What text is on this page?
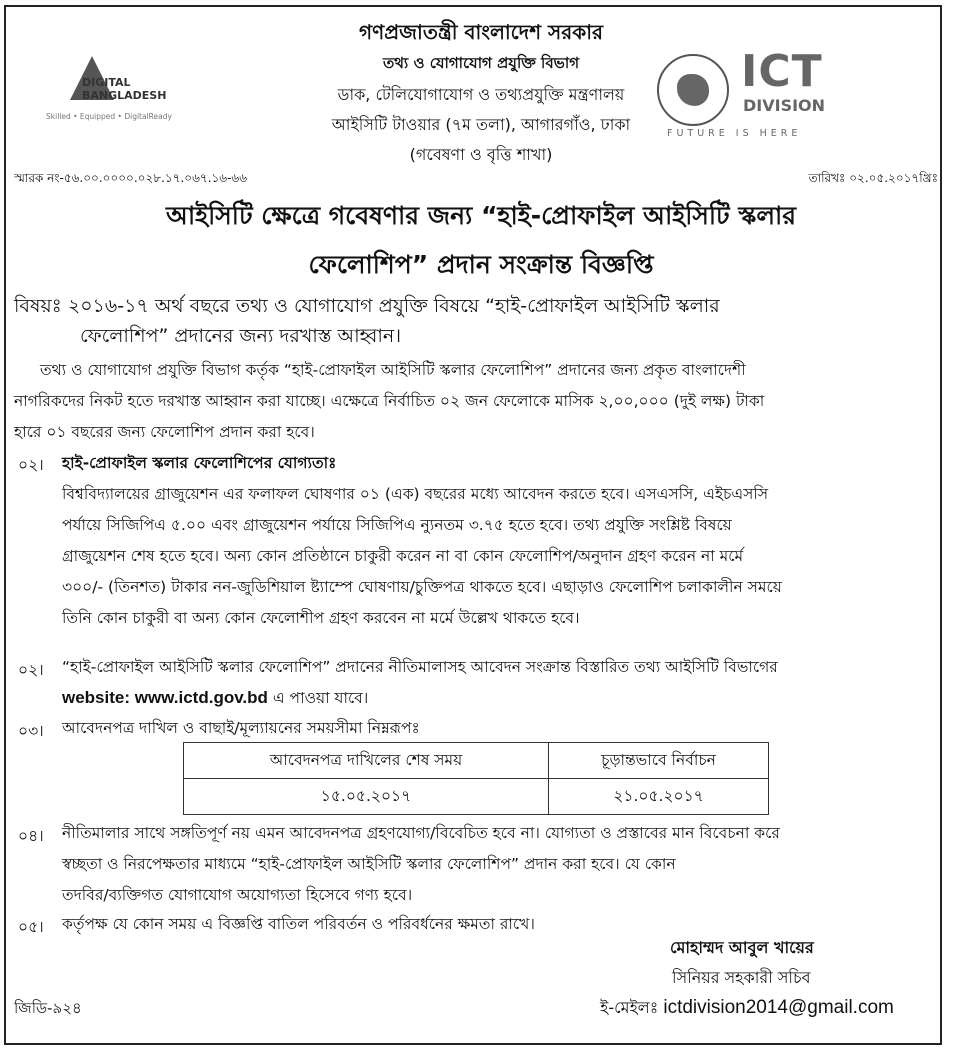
DIGITAL
BANGLADESH
Skilled • Equipped • DigitalReady
ICT
DIVISION
FUTURE IS HERE
গণপ্রজাতন্ত্রী বাংলাদেশ সরকার
তথ্য ও যোগাযোগ প্রযুক্তি বিভাগ
ডাক, টেলিযোগাযোগ ও তথ্যপ্রযুক্তি মন্ত্রণালয়
আইসিটি টাওয়ার (৭ম তলা), আগারগাঁও, ঢাকা
(গবেষণা ও বৃত্তি শাখা)
স্মারক নং-৫৬.০০.০০০০.০২৮.১৭.০৬৭.১৬-৬৬	তারিখঃ ০২.০৫.২০১৭খ্রিঃ
আইসিটি ক্ষেত্রে গবেষণার জন্য “হাই-প্রোফাইল আইসিটি স্কলার
ফেলোশিপ” প্রদান সংক্রান্ত বিজ্ঞপ্তি
বিষয়ঃ ২০১৬-১৭ অর্থ বছরে তথ্য ও যোগাযোগ প্রযুক্তি বিষয়ে “হাই-প্রোফাইল আইসিটি স্কলার
ফেলোশিপ” প্রদানের জন্য দরখাস্ত আহ্বান।
তথ্য ও যোগাযোগ প্রযুক্তি বিভাগ কর্তৃক “হাই-প্রোফাইল আইসিটি স্কলার ফেলোশিপ” প্রদানের জন্য প্রকৃত বাংলাদেশী
নাগরিকদের নিকট হতে দরখাস্ত আহ্বান করা যাচ্ছে। এক্ষেত্রে নির্বাচিত ০২ জন ফেলোকে মাসিক ২,০০,০০০ (দুই লক্ষ) টাকা
হারে ০১ বছরের জন্য ফেলোশিপ প্রদান করা হবে।
০২। হাই-প্রোফাইল স্কলার ফেলোশিপের যোগ্যতাঃ
বিশ্ববিদ্যালয়ের গ্রাজুয়েশন এর ফলাফল ঘোষণার ০১ (এক) বছরের মধ্যে আবেদন করতে হবে। এসএসসি, এইচএসসি
পর্যায়ে সিজিপিএ ৫.০০ এবং গ্রাজুয়েশন পর্যায়ে সিজিপিএ ন্যুনতম ৩.৭৫ হতে হবে। তথ্য প্রযুক্তি সংশ্লিষ্ট বিষয়ে
গ্রাজুয়েশন শেষ হতে হবে। অন্য কোন প্রতিষ্ঠানে চাকুরী করেন না বা কোন ফেলোশিপ/অনুদান গ্রহণ করেন না মর্মে
৩০০/- (তিনশত) টাকার নন-জুডিশিয়াল ষ্ট্যাম্পে ঘোষণায়/চুক্তিপত্র থাকতে হবে। এছাড়াও ফেলোশিপ চলাকালীন সময়ে
তিনি কোন চাকুরী বা অন্য কোন ফেলোশীপ গ্রহণ করবেন না মর্মে উল্লেখ থাকতে হবে।
০২। “হাই-প্রোফাইল আইসিটি স্কলার ফেলোশিপ” প্রদানের নীতিমালাসহ আবেদন সংক্রান্ত বিস্তারিত তথ্য আইসিটি বিভাগের
website: www.ictd.gov.bd এ পাওয়া যাবে।
০৩। আবেদনপত্র দাখিল ও বাছাই/মূল্যায়নের সময়সীমা নিম্নরূপঃ
আবেদনপত্র দাখিলের শেষ সময়	চূড়ান্তভাবে নির্বাচন
১৫.০৫.২০১৭	২১.০৫.২০১৭
০৪। নীতিমালার সাথে সঙ্গতিপূর্ণ নয় এমন আবেদনপত্র গ্রহণযোগ্য/বিবেচিত হবে না। যোগ্যতা ও প্রস্তাবের মান বিবেচনা করে
স্বচ্ছতা ও নিরপেক্ষতার মাধ্যমে “হাই-প্রোফাইল আইসিটি স্কলার ফেলোশিপ” প্রদান করা হবে। যে কোন
তদবির/ব্যক্তিগত যোগাযোগ অযোগ্যতা হিসেবে গণ্য হবে।
০৫। কর্তৃপক্ষ যে কোন সময় এ বিজ্ঞপ্তি বাতিল পরিবর্তন ও পরিবর্ধনের ক্ষমতা রাখে।
মোহাম্মদ আবুল খায়ের
সিনিয়র সহকারী সচিব
ই-মেইলঃ ictdivision2014@gmail.com
জিডি-৯২৪
